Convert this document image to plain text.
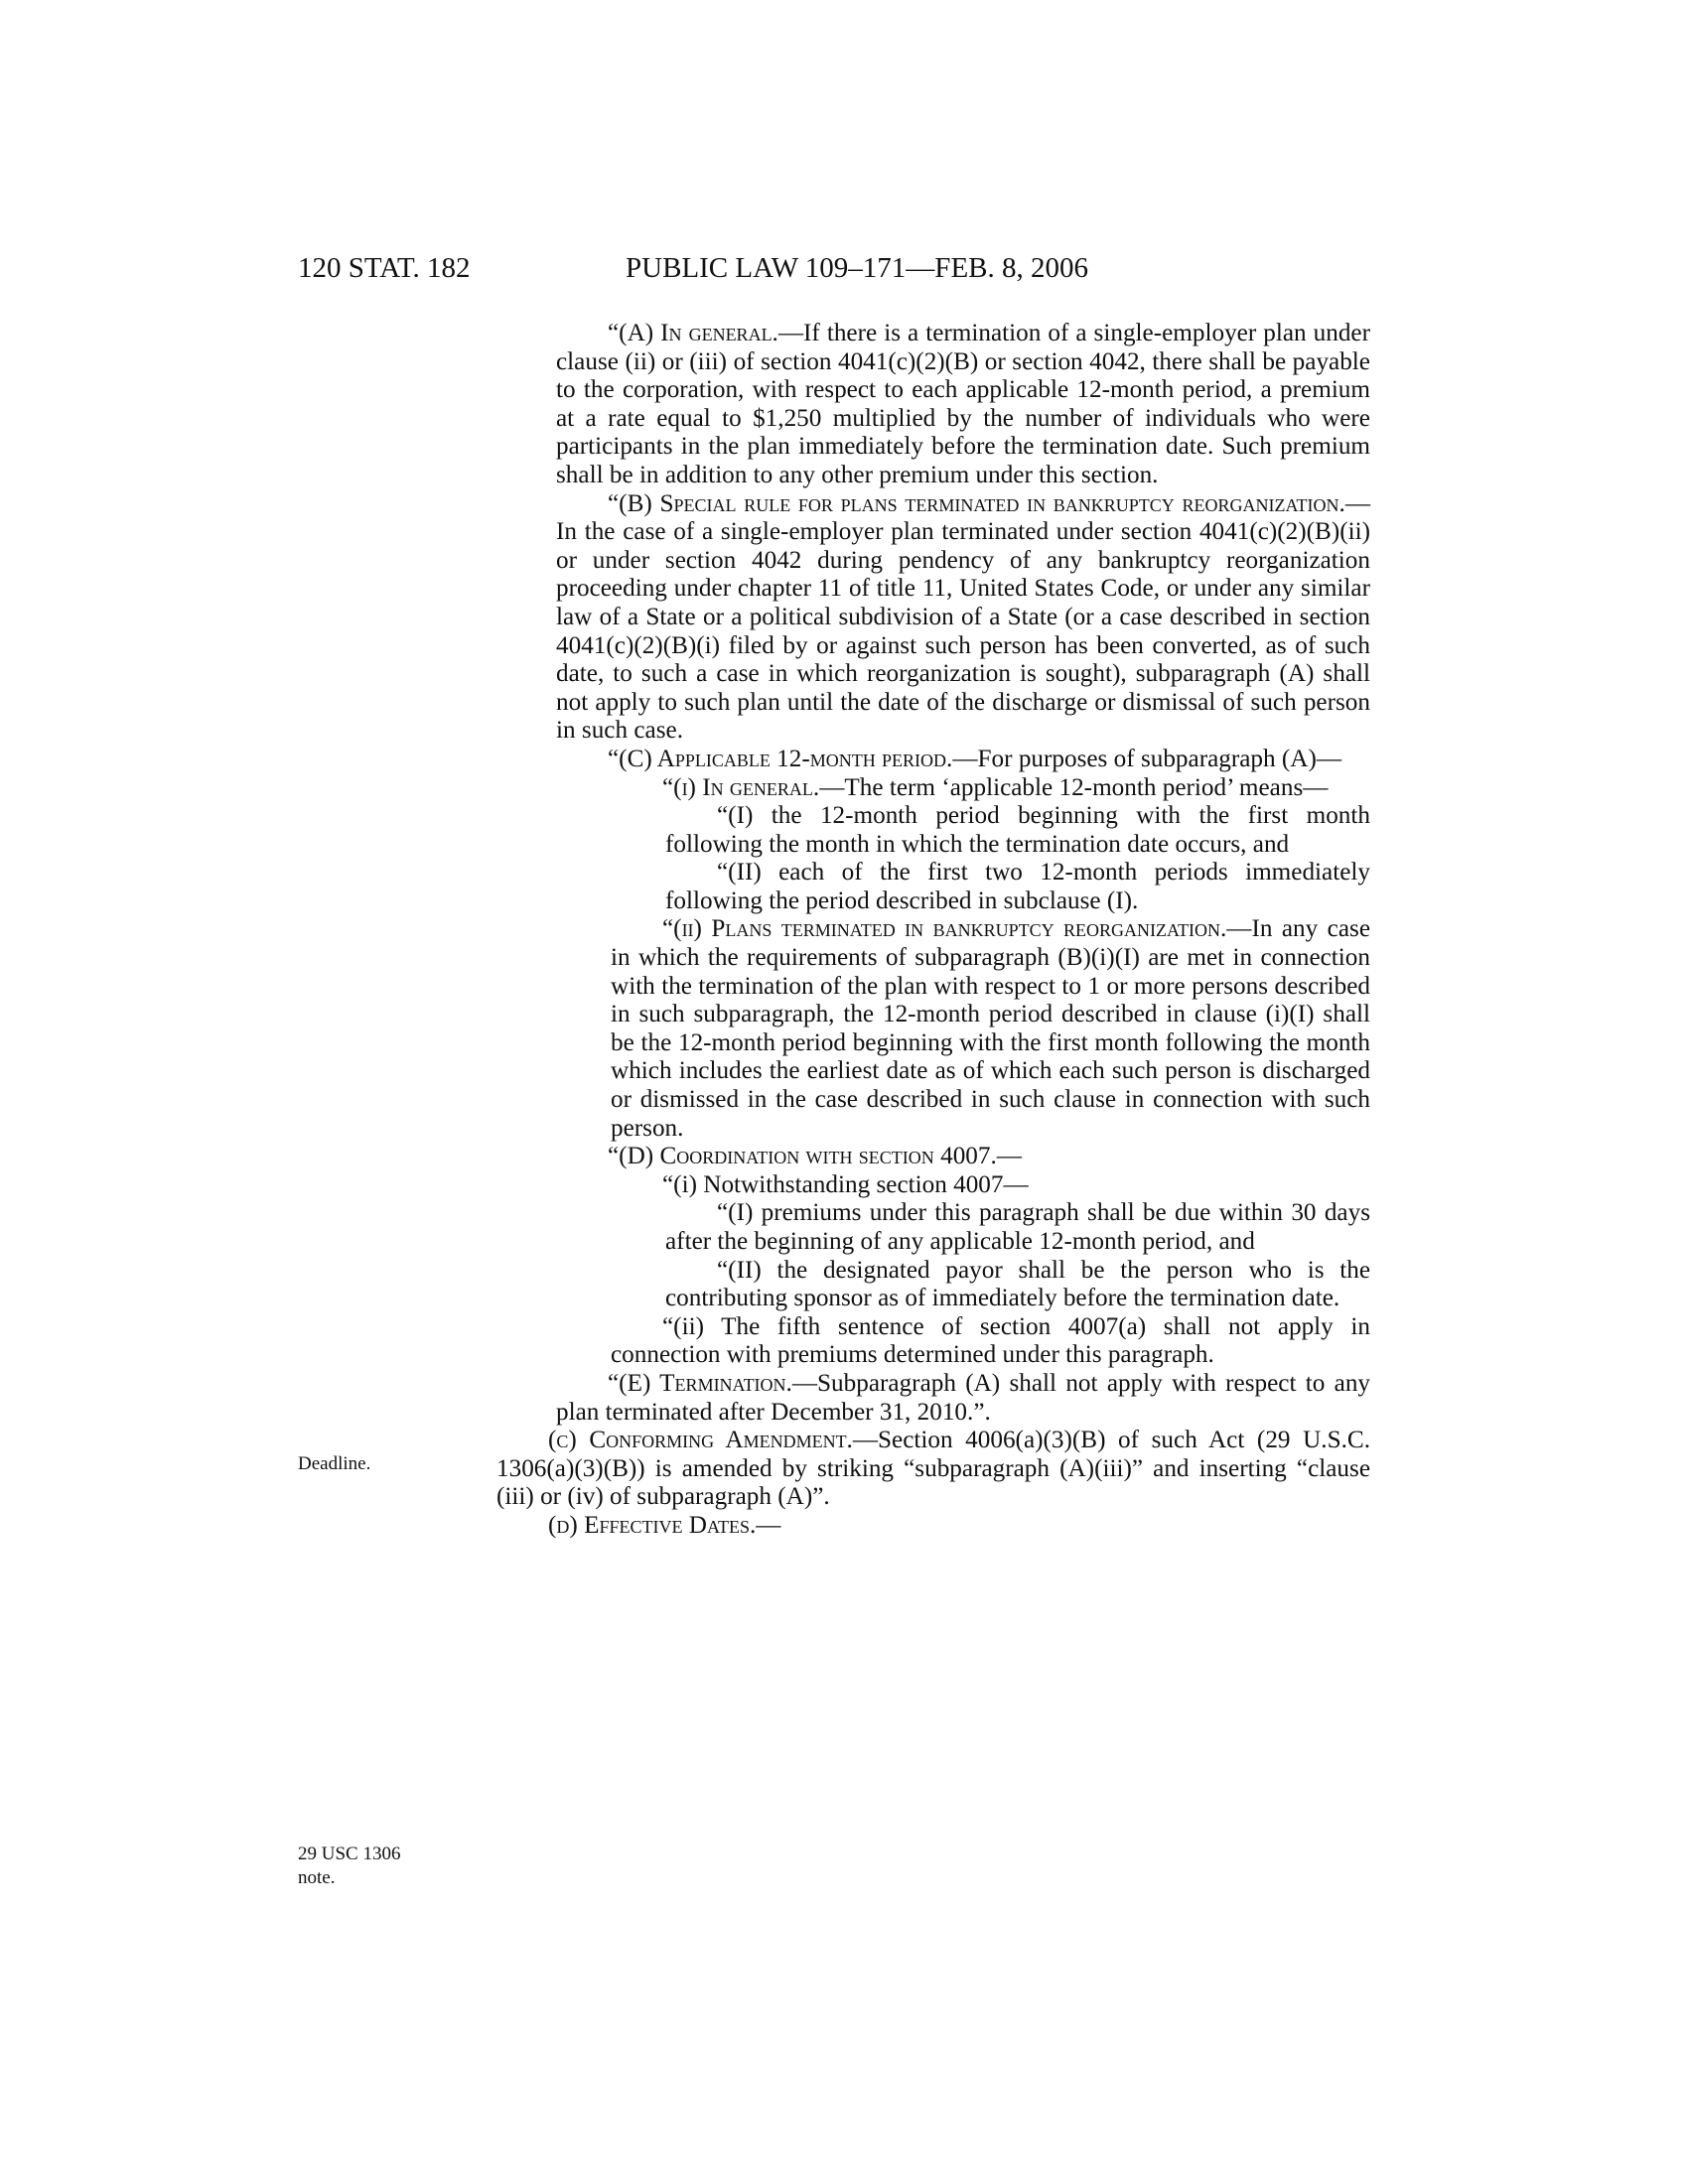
120 STAT. 182	PUBLIC LAW 109–171—FEB. 8, 2006
Deadline.
29 USC 1306
note.

“(A) In general.—If there is a termination of a single-employer plan under clause (ii) or (iii) of section 4041(c)(2)(B) or section 4042, there shall be payable to the corporation, with respect to each applicable 12-month period, a premium at a rate equal to $1,250 multiplied by the number of individuals who were participants in the plan immediately before the termination date. Such premium shall be in addition to any other premium under this section.

“(B) Special rule for plans terminated in bankruptcy reorganization.—In the case of a single-employer plan terminated under section 4041(c)(2)(B)(ii) or under section 4042 during pendency of any bankruptcy reorganization proceeding under chapter 11 of title 11, United States Code, or under any similar law of a State or a political subdivision of a State (or a case described in section 4041(c)(2)(B)(i) filed by or against such person has been converted, as of such date, to such a case in which reorganization is sought), subparagraph (A) shall not apply to such plan until the date of the discharge or dismissal of such person in such case.

“(C) Applicable 12-month period.—For purposes of subparagraph (A)—

“(i) In general.—The term ‘applicable 12-month period’ means—

“(I) the 12-month period beginning with the first month following the month in which the termination date occurs, and

“(II) each of the first two 12-month periods immediately following the period described in subclause (I).

“(ii) Plans terminated in bankruptcy reorganization.—In any case in which the requirements of subparagraph (B)(i)(I) are met in connection with the termination of the plan with respect to 1 or more persons described in such subparagraph, the 12-month period described in clause (i)(I) shall be the 12-month period beginning with the first month following the month which includes the earliest date as of which each such person is discharged or dismissed in the case described in such clause in connection with such person.

“(D) Coordination with section 4007.—

“(i) Notwithstanding section 4007—

“(I) premiums under this paragraph shall be due within 30 days after the beginning of any applicable 12-month period, and

“(II) the designated payor shall be the person who is the contributing sponsor as of immediately before the termination date.

“(ii) The fifth sentence of section 4007(a) shall not apply in connection with premiums determined under this paragraph.

“(E) Termination.—Subparagraph (A) shall not apply with respect to any plan terminated after December 31, 2010.”.

(c) Conforming Amendment.—Section 4006(a)(3)(B) of such Act (29 U.S.C. 1306(a)(3)(B)) is amended by striking “subparagraph (A)(iii)” and inserting “clause (iii) or (iv) of subparagraph (A)”.

(d) Effective Dates.—
